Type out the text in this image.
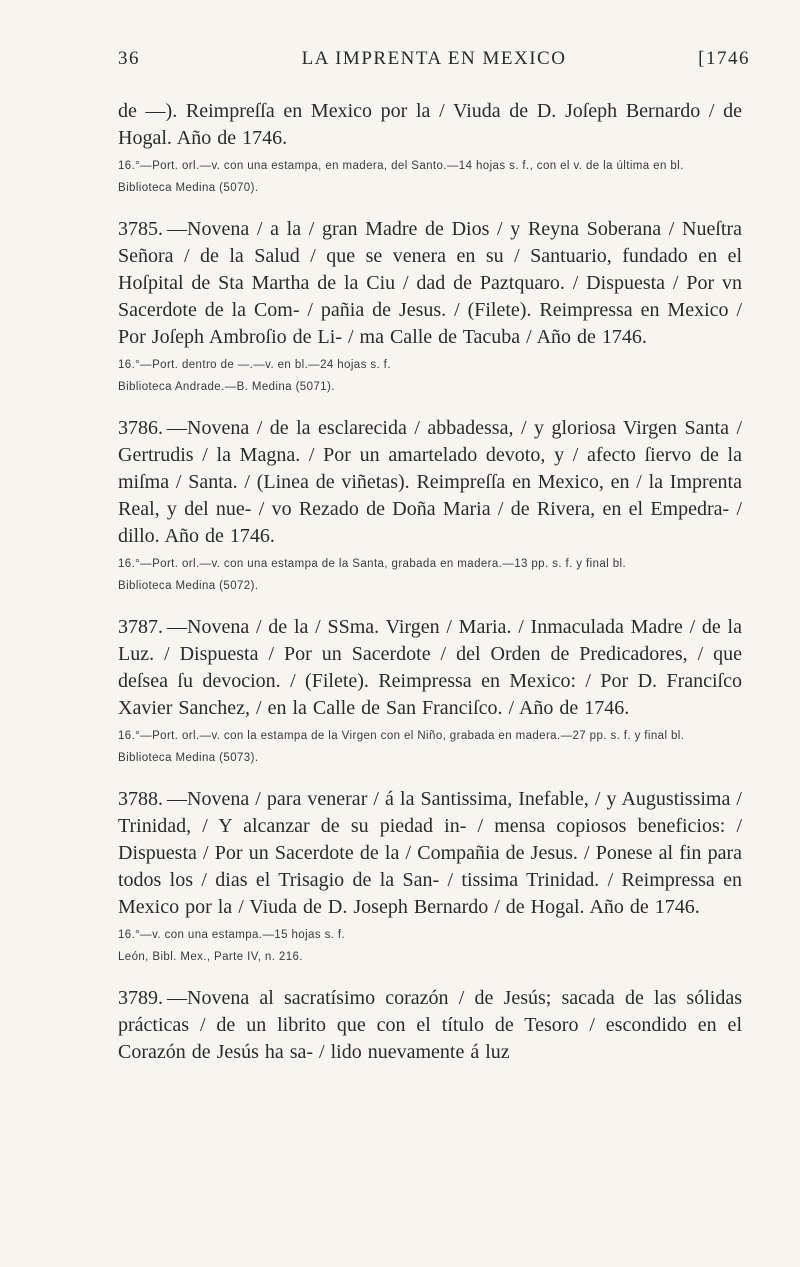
36	LA IMPRENTA EN MEXICO	[1746

de ―). Reimpreſſa en Mexico por la / Viuda de D. Joſeph Bernardo / de Hogal. Año de 1746.

16.°—Port. orl.—v. con una estampa, en madera, del Santo.—14 hojas s. f., con el v. de la última en bl.

Biblioteca Medina (5070).

3785. —Novena / a la / gran Madre de Dios / y Reyna Soberana / Nueſtra Señora / de la Salud / que se venera en su / Santuario, fundado en el Hoſpital de Sta Martha de la Ciu / dad de Paztquaro. / Dispuesta / Por vn Sacerdote de la Com- / pañia de Jesus. / (Filete). Reimpressa en Mexico / Por Joſeph Ambroſio de Li- / ma Calle de Tacuba / Año de 1746.

16.°—Port. dentro de ―.—v. en bl.—24 hojas s. f.

Biblioteca Andrade.—B. Medina (5071).

3786. —Novena / de la esclarecida / abbadessa, / y gloriosa Virgen Santa / Gertrudis / la Magna. / Por un amartelado devoto, y / afecto ſiervo de la miſma / Santa. / (Linea de viñetas). Reimpreſſa en Mexico, en / la Imprenta Real, y del nue- / vo Rezado de Doña Maria / de Rivera, en el Empedra- / dillo. Año de 1746.

16.°—Port. orl.—v. con una estampa de la Santa, grabada en madera.—13 pp. s. f. y final bl.

Biblioteca Medina (5072).

3787. —Novena / de la / SSma. Virgen / Maria. / Inmaculada Madre / de la Luz. / Dispuesta / Por un Sacerdote / del Orden de Predicadores, / que deſsea ſu devocion. / (Filete). Reimpressa en Mexico: / Por D. Franciſco Xavier Sanchez, / en la Calle de San Franciſco. / Año de 1746.

16.°—Port. orl.—v. con la estampa de la Virgen con el Niño, grabada en madera.—27 pp. s. f. y final bl.

Biblioteca Medina (5073).

3788. —Novena / para venerar / á la Santissima, Inefable, / y Augustissima / Trinidad, / Y alcanzar de su piedad in- / mensa copiosos beneficios: / Dispuesta / Por un Sacerdote de la / Compañia de Jesus. / Ponese al fin para todos los / dias el Trisagio de la San- / tissima Trinidad. / Reimpressa en Mexico por la / Viuda de D. Joseph Bernardo / de Hogal. Año de 1746.

16.°—v. con una estampa.—15 hojas s. f.

León, Bibl. Mex., Parte IV, n. 216.

3789. —Novena al sacratísimo corazón / de Jesús; sacada de las sólidas prácticas / de un librito que con el título de Tesoro / escondido en el Corazón de Jesús ha sa- / lido nuevamente á luz
